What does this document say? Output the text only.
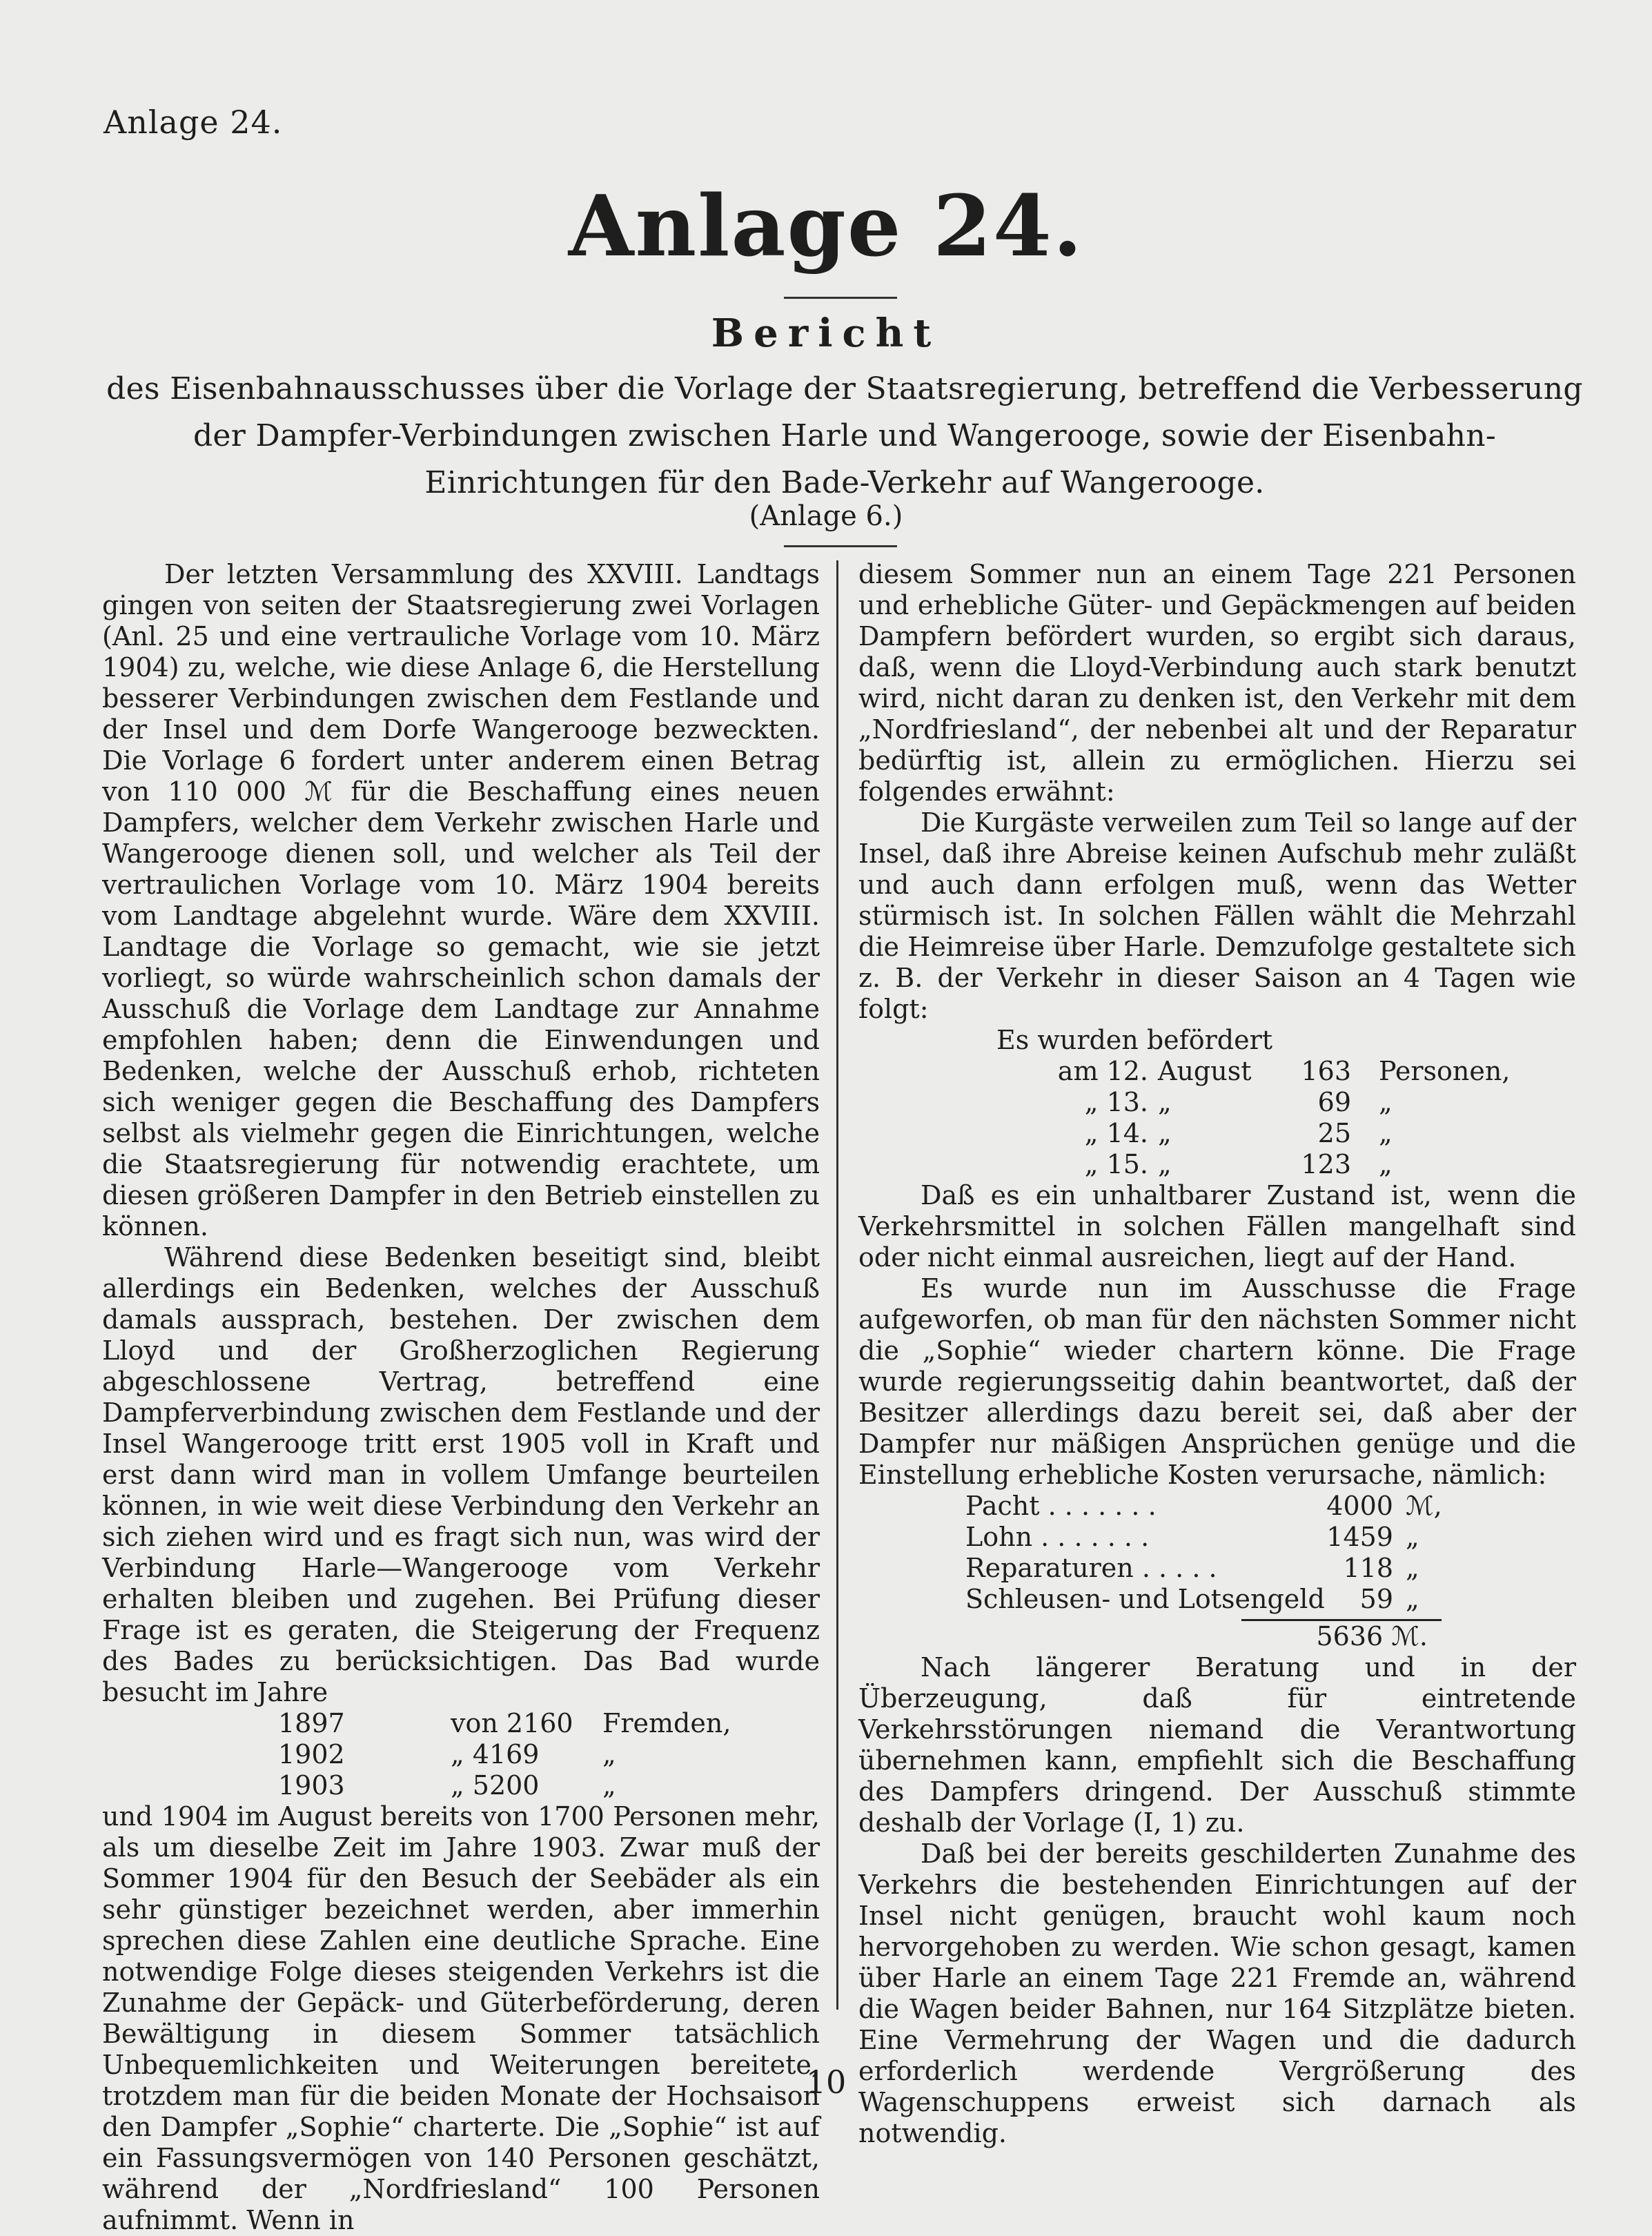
Anlage 24.
Anlage 24.
Bericht
des Eisenbahnausschusses über die Vorlage der Staatsregierung, betreffend die Verbesserung der Dampfer-Verbindungen zwischen Harle und Wangerooge, sowie der Eisenbahn-Einrichtungen für den Bade-Verkehr auf Wangerooge.
(Anlage 6.)

Der letzten Versammlung des XXVIII. Landtags gingen von seiten der Staatsregierung zwei Vorlagen (Anl. 25 und eine vertrauliche Vorlage vom 10. März 1904) zu, welche, wie diese Anlage 6, die Herstellung besserer Verbindungen zwischen dem Festlande und der Insel und dem Dorfe Wangerooge bezweckten. Die Vorlage 6 fordert unter anderem einen Betrag von 110 000 ℳ für die Beschaffung eines neuen Dampfers, welcher dem Verkehr zwischen Harle und Wangerooge dienen soll, und welcher als Teil der vertraulichen Vorlage vom 10. März 1904 bereits vom Landtage abgelehnt wurde. Wäre dem XXVIII. Landtage die Vorlage so gemacht, wie sie jetzt vorliegt, so würde wahrscheinlich schon damals der Ausschuß die Vorlage dem Landtage zur Annahme empfohlen haben; denn die Einwendungen und Bedenken, welche der Ausschuß erhob, richteten sich weniger gegen die Beschaffung des Dampfers selbst als vielmehr gegen die Einrichtungen, welche die Staatsregierung für notwendig erachtete, um diesen größeren Dampfer in den Betrieb einstellen zu können.

Während diese Bedenken beseitigt sind, bleibt allerdings ein Bedenken, welches der Ausschuß damals aussprach, bestehen. Der zwischen dem Lloyd und der Großherzoglichen Regierung abgeschlossene Vertrag, betreffend eine Dampferverbindung zwischen dem Festlande und der Insel Wangerooge tritt erst 1905 voll in Kraft und erst dann wird man in vollem Umfange beurteilen können, in wie weit diese Verbindung den Verkehr an sich ziehen wird und es fragt sich nun, was wird der Verbindung Harle—Wangerooge vom Verkehr erhalten bleiben und zugehen. Bei Prüfung dieser Frage ist es geraten, die Steigerung der Frequenz des Bades zu berücksichtigen. Das Bad wurde besucht im Jahre

1897	von 2160	Fremden,
1902	„ 4169	„
1903	„ 5200	„

und 1904 im August bereits von 1700 Personen mehr, als um dieselbe Zeit im Jahre 1903. Zwar muß der Sommer 1904 für den Besuch der Seebäder als ein sehr günstiger bezeichnet werden, aber immerhin sprechen diese Zahlen eine deutliche Sprache. Eine notwendige Folge dieses steigenden Verkehrs ist die Zunahme der Gepäck- und Güterbeförderung, deren Bewältigung in diesem Sommer tatsächlich Unbequemlichkeiten und Weiterungen bereitete, trotzdem man für die beiden Monate der Hochsaison den Dampfer „Sophie“ charterte. Die „Sophie“ ist auf ein Fassungsvermögen von 140 Personen geschätzt, während der „Nordfriesland“ 100 Personen aufnimmt. Wenn in

diesem Sommer nun an einem Tage 221 Personen und erhebliche Güter- und Gepäckmengen auf beiden Dampfern befördert wurden, so ergibt sich daraus, daß, wenn die Lloyd-Verbindung auch stark benutzt wird, nicht daran zu denken ist, den Verkehr mit dem „Nordfriesland“, der nebenbei alt und der Reparatur bedürftig ist, allein zu ermöglichen. Hierzu sei folgendes erwähnt:

Die Kurgäste verweilen zum Teil so lange auf der Insel, daß ihre Abreise keinen Aufschub mehr zuläßt und auch dann erfolgen muß, wenn das Wetter stürmisch ist. In solchen Fällen wählt die Mehrzahl die Heimreise über Harle. Demzufolge gestaltete sich z. B. der Verkehr in dieser Saison an 4 Tagen wie folgt:

Es wurden befördert
am 12. August	163	Personen,
„ 13. „	69	„
„ 14. „	25	„
„ 15. „	123	„

Daß es ein unhaltbarer Zustand ist, wenn die Verkehrsmittel in solchen Fällen mangelhaft sind oder nicht einmal ausreichen, liegt auf der Hand.

Es wurde nun im Ausschusse die Frage aufgeworfen, ob man für den nächsten Sommer nicht die „Sophie“ wieder chartern könne. Die Frage wurde regierungsseitig dahin beantwortet, daß der Besitzer allerdings dazu bereit sei, daß aber der Dampfer nur mäßigen Ansprüchen genüge und die Einstellung erhebliche Kosten verursache, nämlich:

Pacht . . . . . . .	4000 ℳ,
Lohn . . . . . . .	1459 „
Reparaturen . . . . .	118 „
Schleusen- und Lotsengeld	59 „
5636 ℳ.

Nach längerer Beratung und in der Überzeugung, daß für eintretende Verkehrsstörungen niemand die Verantwortung übernehmen kann, empfiehlt sich die Beschaffung des Dampfers dringend. Der Ausschuß stimmte deshalb der Vorlage (I, 1) zu.

Daß bei der bereits geschilderten Zunahme des Verkehrs die bestehenden Einrichtungen auf der Insel nicht genügen, braucht wohl kaum noch hervorgehoben zu werden. Wie schon gesagt, kamen über Harle an einem Tage 221 Fremde an, während die Wagen beider Bahnen, nur 164 Sitzplätze bieten. Eine Vermehrung der Wagen und die dadurch erforderlich werdende Vergrößerung des Wagenschuppens erweist sich darnach als notwendig.

10
